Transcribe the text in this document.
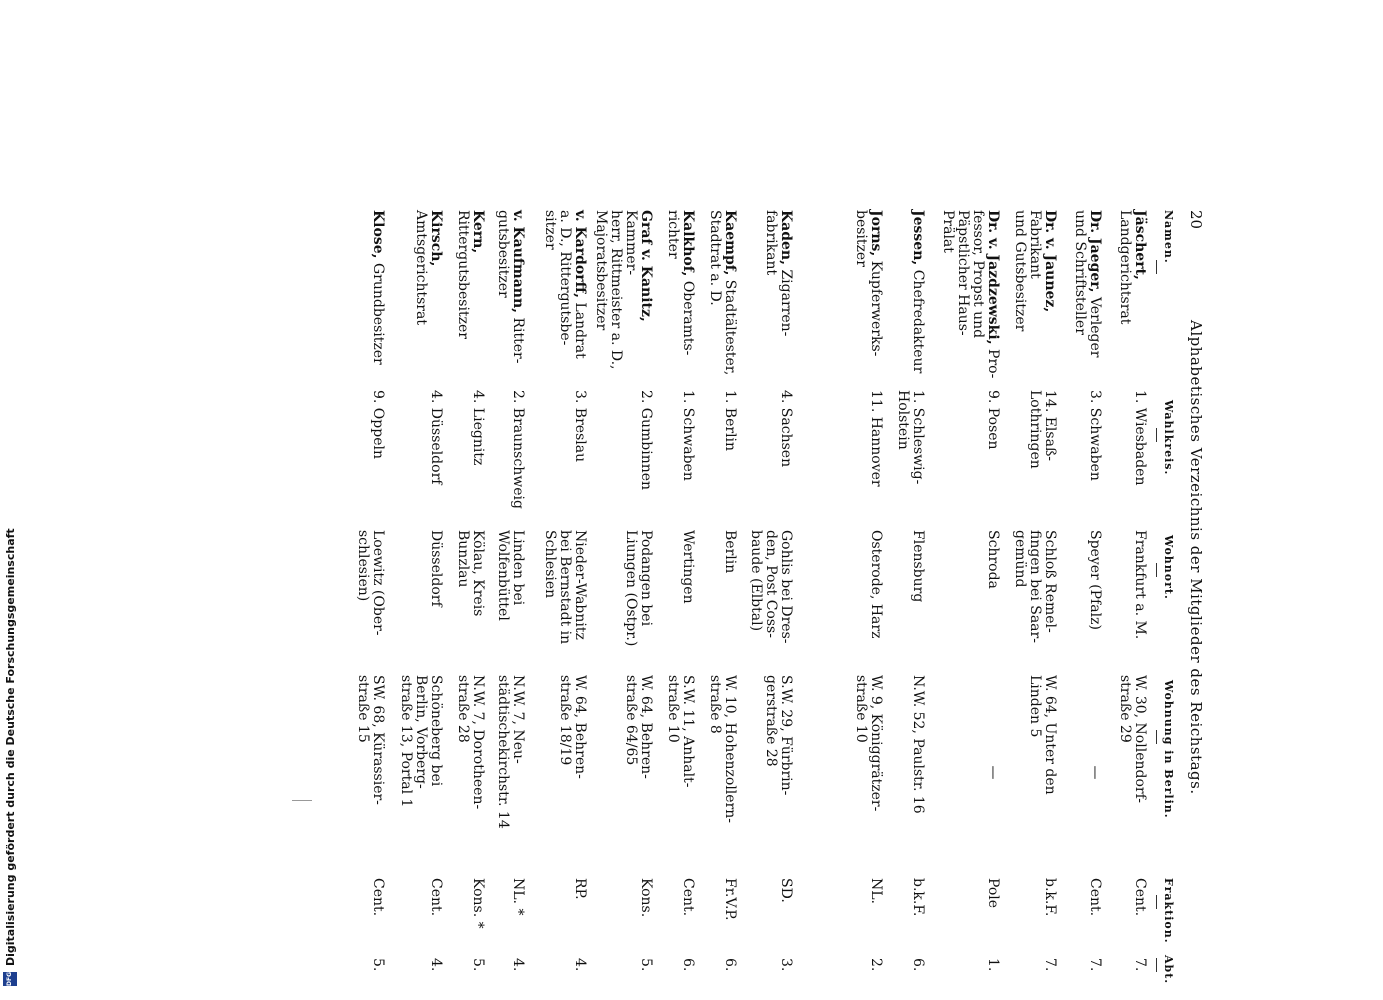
20
Alphabetisches Verzeichnis der Mitglieder des Reichstags.
Namen.
Wahlkreis.
Wohnort.
Wohnung in Berlin.
Fraktion.
Abt.
Jäschert, Landgerichtsrat
1. Wiesbaden
Frankfurt a. M.
W. 30, Nollendorf-
straße 29
Cent.
7.
Dr. Jaeger, Verleger
und Schriftsteller
3. Schwaben
Speyer (Pfalz)
—
Cent.
7.
Dr. v. Jaunez, Fabrikant
und Gutsbesitzer
14. Elsaß-
Lothringen
Schloß Remel-
fingen bei Saar-
gemünd
W. 64, Unter den
Linden 5
b.k.F.
7.
Dr. v. Jazdzewski, Pro-
fessor, Propst und
Päpstlicher Haus-
Prälat
9. Posen
Schroda
—
Pole
1.
Jessen, Chefredakteur
1. Schleswig-
Holstein
Flensburg
N.W. 52, Paulstr. 16
b.k.F.
6.
Jorns, Kupferwerks-
besitzer
11. Hannover
Osterode, Harz
W. 9, Königgrätzer-
straße 10
NL.
2.
Kaden, Zigarren-
fabrikant
4. Sachsen
Gohlis bei Dres-
den, Post Coss-
baude (Elbtal)
S.W. 29, Fürbrin-
gerstraße 28
SD.
3.
Kaempf, Stadtältester,
Stadtrat a. D.
1. Berlin
Berlin
W. 10, Hohenzollern-
straße 8
Fr.V.P.
6.
Kalkhof, Oberamts-
richter
1. Schwaben
Wertingen
S.W. 11, Anhalt-
straße 10
Cent.
6.
Graf v. Kanitz, Kammer-
herr, Rittmeister a. D.,
Majoratsbesitzer
2. Gumbinnen
Podangen bei
Liungen (Ostpr.)
W. 64, Behren-
straße 64/65
Kons.
5.
v. Kardorff, Landrat
a. D., Rittergutsbe-
sitzer
3. Breslau
Nieder-Wabnitz
bei Bernstadt in
Schlesien
W. 64, Behren-
straße 18/19
RP.
4.
v. Kaufmann, Ritter-
gutsbesitzer
2. Braunschweig
Linden bei
Wolfenbüttel
N.W. 7, Neu-
städtischekirchstr. 14
NL. *
4.
Kern, Rittergutsbesitzer
4. Liegnitz
Kölau, Kreis
Bunzlau
N.W. 7, Dorotheen-
straße 28
Kons. *
5.
Kirsch, Amtsgerichtsrat
4. Düsseldorf
Düsseldorf
Schöneberg bei
Berlin, Vorberg-
straße 13, Portal 1
Cent.
4.
Klose, Grundbesitzer
9. Oppeln
Loewitz (Ober-
schlesien)
SW. 68, Kürassier-
straße 15
Cent.
5.
DFG
Digitalisierung gefördert durch die Deutsche Forschungsgemeinschaft
